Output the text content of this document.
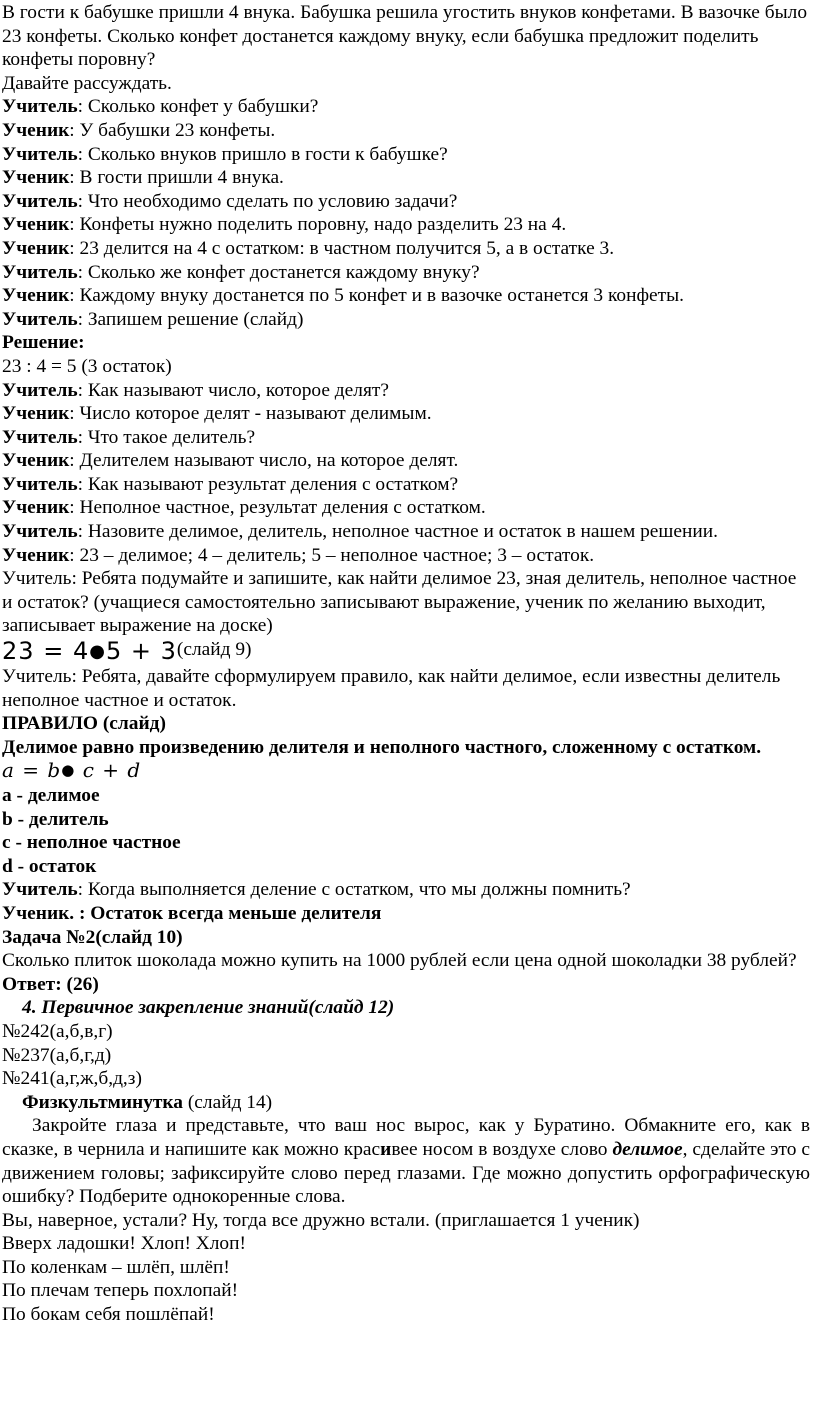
В гости к бабушке пришли 4 внука. Бабушка решила угостить внуков конфетами. В вазочке было 23 конфеты. Сколько конфет достанется каждому внуку, если бабушка предложит поделить конфеты поровну?

Давайте рассуждать.

Учитель: Сколько конфет у бабушки?

Ученик: У бабушки 23 конфеты.

Учитель: Сколько внуков пришло в гости к бабушке?

Ученик: В гости пришли 4 внука.

Учитель: Что необходимо сделать по условию задачи?

Ученик: Конфеты нужно поделить поровну, надо разделить 23 на 4.

Ученик: 23 делится на 4 с остатком: в частном получится 5, а в остатке 3.

Учитель: Сколько же конфет достанется каждому внуку?

Ученик: Каждому внуку достанется по 5 конфет и в вазочке останется 3 конфеты.

Учитель: Запишем решение (слайд)

Решение:

23 : 4 = 5 (3 остаток)

Учитель: Как называют число, которое делят?

Ученик: Число которое делят - называют делимым.

Учитель: Что такое делитель?

Ученик: Делителем называют число, на которое делят.

Учитель: Как называют результат деления с остатком?

Ученик: Неполное частное, результат деления с остатком.

Учитель: Назовите делимое, делитель, неполное частное и остаток в нашем решении.

Ученик: 23 – делимое; 4 – делитель; 5 – неполное частное; 3 – остаток.

Учитель: Ребята подумайте и запишите, как найти делимое 23, зная делитель, неполное частное и остаток? (учащиеся самостоятельно записывают выражение, ученик по желанию выходит, записывает выражение на доске)

23 = 4●5 + 3(слайд 9)

Учитель: Ребята, давайте сформулируем правило, как найти делимое, если известны делитель неполное частное и остаток.

ПРАВИЛО (слайд)

Делимое равно произведению делителя и неполного частного, сложенному с остатком.

a = b● c + d

a - делимое

b - делитель

c - неполное частное

d - остаток

Учитель: Когда выполняется деление с остатком, что мы должны помнить?

Ученик. : Остаток всегда меньше делителя

Задача №2(слайд 10)

Сколько плиток шоколада можно купить на 1000 рублей если цена одной шоколадки 38 рублей?

Ответ: (26)

4. Первичное закрепление знаний(слайд 12)

№242(а,б,в,г)

№237(а,б,г,д)

№241(а,г,ж,б,д,з)

Физкультминутка (слайд 14)

Закройте глаза и представьте, что ваш нос вырос, как у Буратино. Обмакните его, как в сказке, в чернила и напишите как можно красивее носом в воздухе слово делимое, сделайте это с движением головы; зафиксируйте слово перед глазами. Где можно допустить орфографическую ошибку? Подберите однокоренные слова.

Вы, наверное, устали? Ну, тогда все дружно встали. (приглашается 1 ученик)

Вверх ладошки! Хлоп! Хлоп!

По коленкам – шлёп, шлёп!

По плечам теперь похлопай!

По бокам себя пошлёпай!
